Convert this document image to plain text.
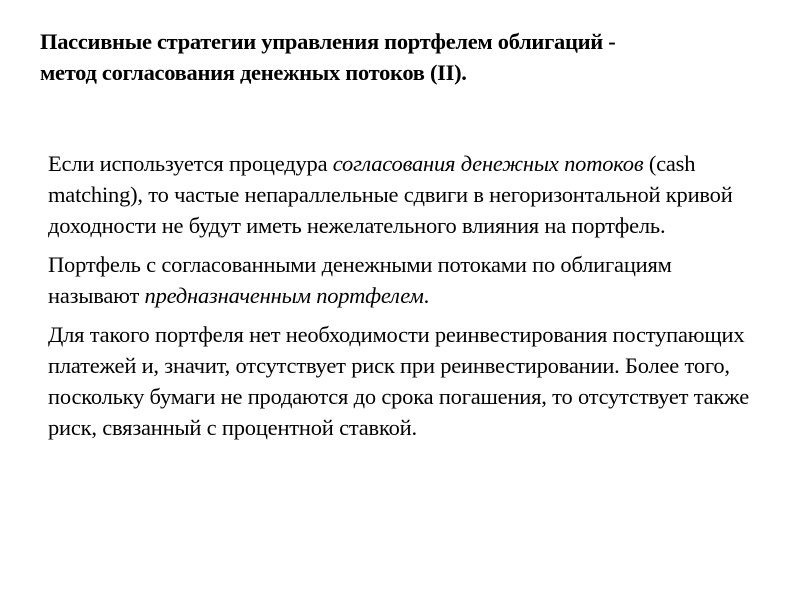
Пассивные стратегии управления портфелем облигаций -
метод согласования денежных потоков (II).

Если используется процедура согласования денежных потоков (cash matching), то частые непараллельные сдвиги в негоризонтальной кривой доходности не будут иметь нежелательного влияния на портфель.

Портфель с согласованными денежными потоками по облигациям называют предназначенным портфелем.

Для такого портфеля нет необходимости реинвестирования поступающих платежей и, значит, отсутствует риск при реинвестировании. Более того, поскольку бумаги не продаются до срока погашения, то отсутствует также риск, связанный с процентной ставкой.
